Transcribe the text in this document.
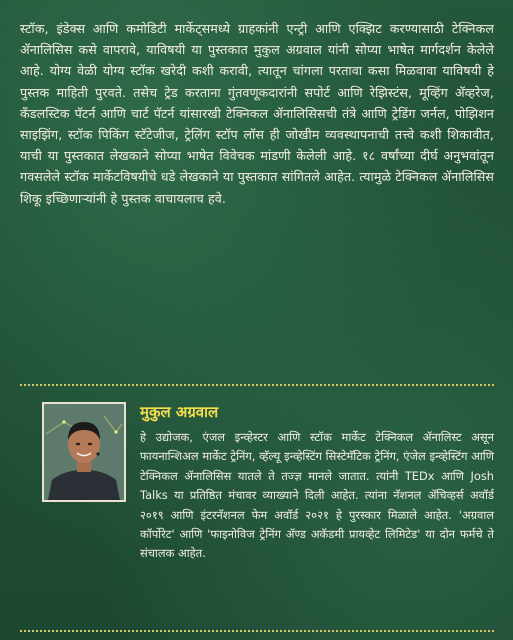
स्टॉक, इंडेक्स आणि कमोडिटी मार्केट्समध्ये ग्राहकांनी एन्ट्री आणि एक्झिट करण्यासाठी टेक्निकल ॲनालिसिस कसे वापरावे, याविषयी या पुस्तकात मुकुल अग्रवाल यांनी सोप्या भाषेत मार्गदर्शन केलेले आहे. योग्य वेळी योग्य स्टॉक खरेदी कशी करावी, त्यातून चांगला परतावा कसा मिळवावा याविषयी हे पुस्तक माहिती पुरवते. तसेच ट्रेड करताना गुंतवणूकदारांनी सपोर्ट आणि रेझिस्टंस, मूव्हिंग ॲव्हरेज, कँडलस्टिक पॅटर्न आणि चार्ट पॅटर्न यांसारखी टेक्निकल ॲनालिसिसची तंत्रे आणि ट्रेडिंग जर्नल, पोझिशन साइझिंग, स्टॉक पिकिंग स्टॅटेजीज, ट्रेलिंग स्टॉप लॉस ही जोखीम व्यवस्थापनाची तत्त्वे कशी शिकावीत, याची या पुस्तकात लेखकाने सोप्या भाषेत विवेचक मांडणी केलेली आहे. १८ वर्षांच्या दीर्घ अनुभवांतून गवसलेले स्टॉक मार्केटविषयीचे धडे लेखकाने या पुस्तकात सांगितले आहेत. त्यामुळे टेक्निकल ॲनालिसिस शिकू इच्छिणाऱ्यांनी हे पुस्तक वाचायलाच हवे.

मुकुल अग्रवाल

हे उद्योजक, एंजल इन्व्हेस्टर आणि स्टॉक मार्केट टेक्निकल ॲनालिस्ट असून फायनान्शिअल मार्केट ट्रेनिंग, व्हॅल्यू इन्व्हेस्टिंग सिस्टेमॅटिक ट्रेनिंग, एंजेल इन्व्हेस्टिंग आणि टेक्निकल ॲनालिसिस यातले ते तज्ज्ञ मानले जातात. त्यांनी TEDx आणि Josh Talks या प्रतिष्ठित मंचावर व्याख्याने दिली आहेत. त्यांना नॅशनल ॲचिव्हर्स अवॉर्ड २०१९ आणि इंटरनॅशनल फेम अवॉर्ड २०२१ हे पुरस्कार मिळाले आहेत. 'अग्रवाल कॉर्पोरेट' आणि 'फाइनोविज ट्रेनिंग ॲण्ड अकॅडमी प्रायव्हेट लिमिटेड' या दोन फर्मचे ते संचालक आहेत.
